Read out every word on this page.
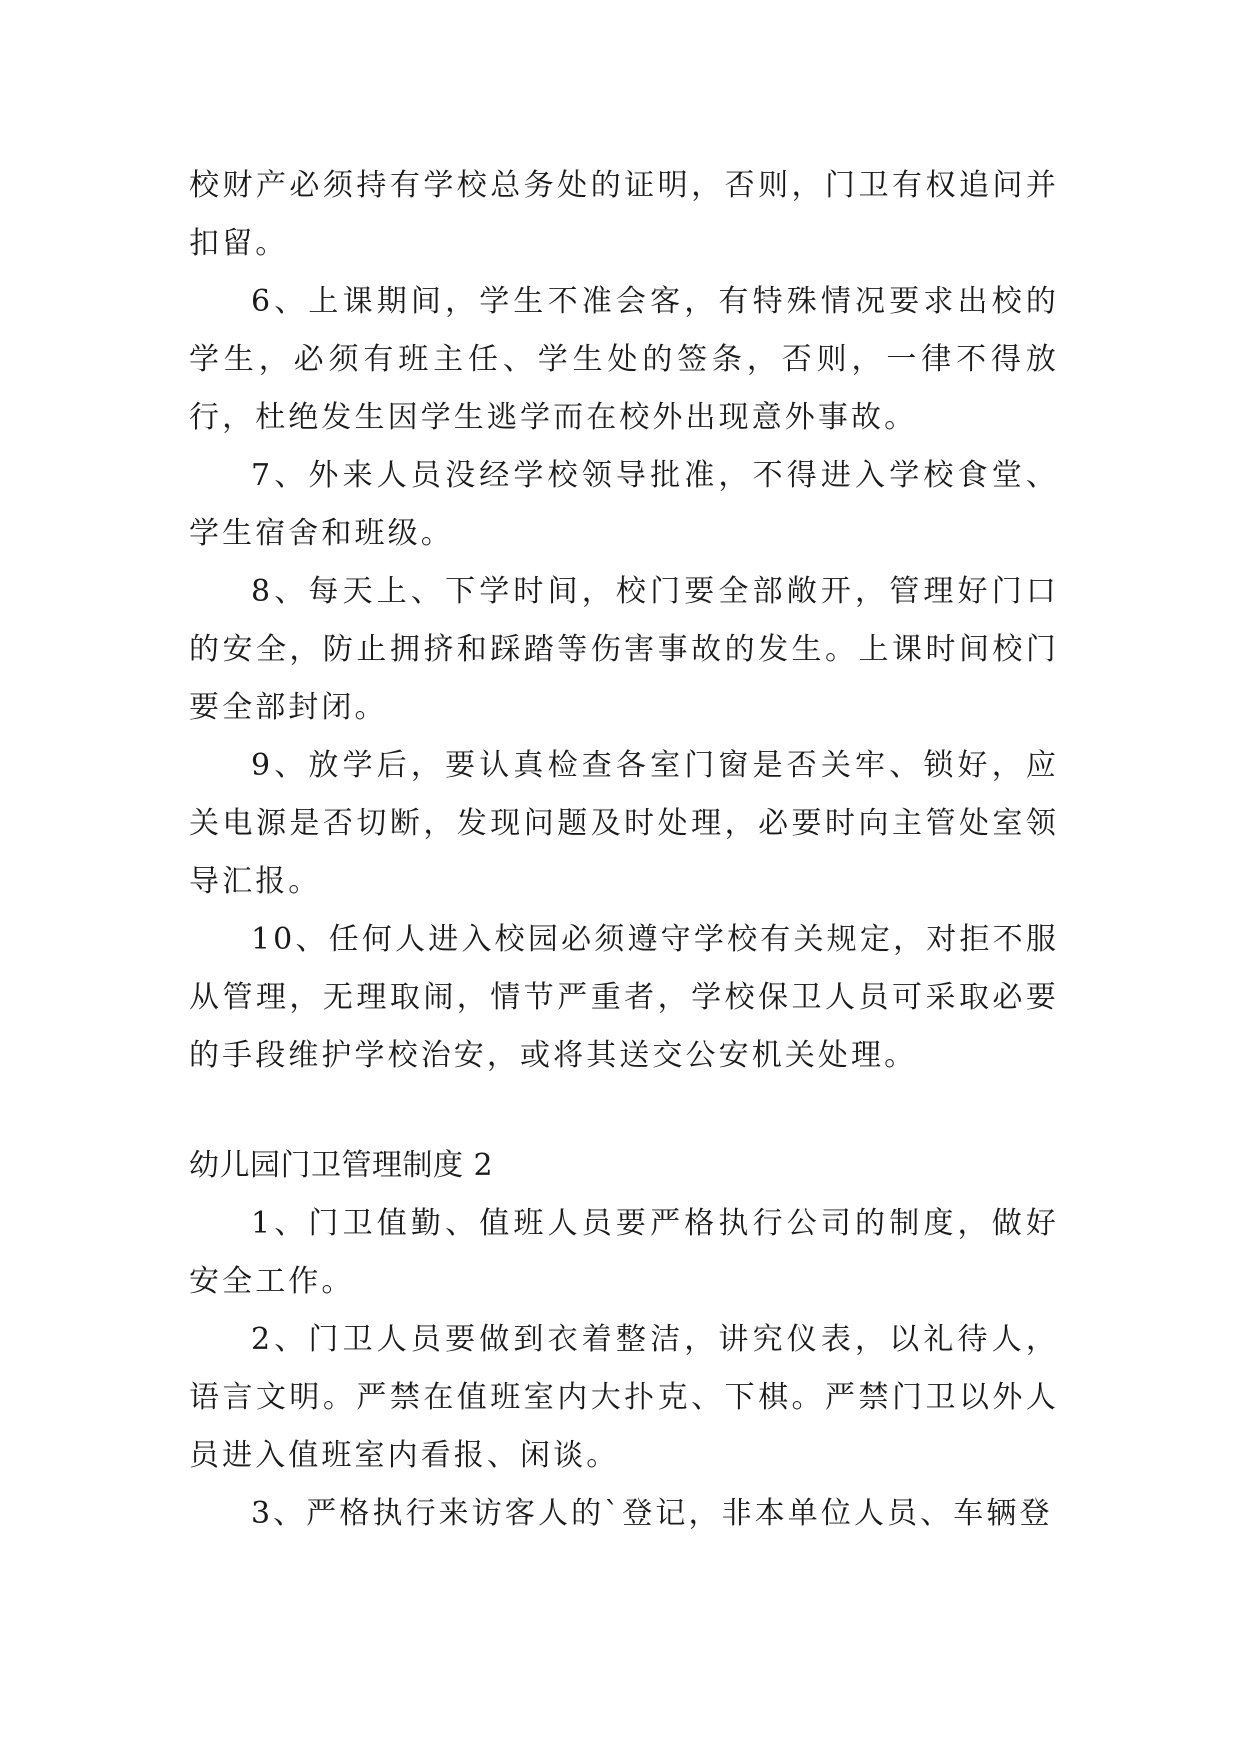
校财产必须持有学校总务处的证明，否则，门卫有权追问并扣留。

6、上课期间，学生不准会客，有特殊情况要求出校的学生，必须有班主任、学生处的签条，否则，一律不得放行，杜绝发生因学生逃学而在校外出现意外事故。

7、外来人员没经学校领导批准，不得进入学校食堂、学生宿舍和班级。

8、每天上、下学时间，校门要全部敞开，管理好门口的安全，防止拥挤和踩踏等伤害事故的发生。上课时间校门要全部封闭。

9、放学后，要认真检查各室门窗是否关牢、锁好，应关电源是否切断，发现问题及时处理，必要时向主管处室领导汇报。

10、任何人进入校园必须遵守学校有关规定，对拒不服从管理，无理取闹，情节严重者，学校保卫人员可采取必要的手段维护学校治安，或将其送交公安机关处理。

幼儿园门卫管理制度 2

1、门卫值勤、值班人员要严格执行公司的制度，做好安全工作。

2、门卫人员要做到衣着整洁，讲究仪表，以礼待人，语言文明。严禁在值班室内大扑克、下棋。严禁门卫以外人员进入值班室内看报、闲谈。

3、严格执行来访客人的`登记，非本单位人员、车辆登
